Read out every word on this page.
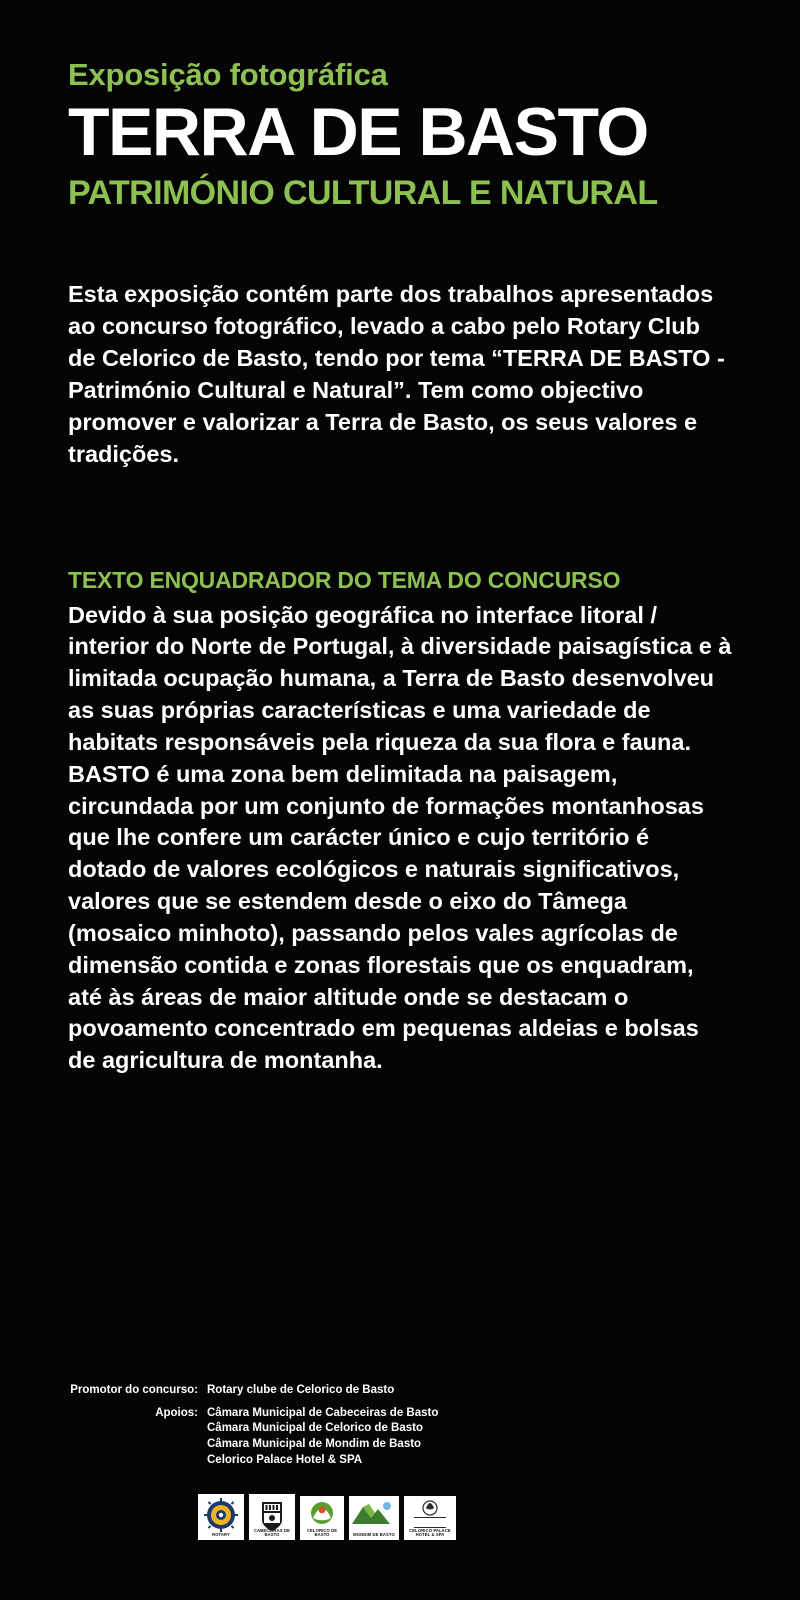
Exposição fotográfica
TERRA DE BASTO
PATRIMÓNIO CULTURAL E NATURAL
Esta exposição contém parte dos trabalhos apresentados ao concurso fotográfico, levado a cabo pelo Rotary Club de Celorico de Basto, tendo por tema “TERRA DE BASTO - Património Cultural e Natural”. Tem como objectivo promover e valorizar a Terra de Basto, os seus valores e tradições.
TEXTO ENQUADRADOR DO TEMA DO CONCURSO
Devido à sua posição geográfica no interface litoral / interior do Norte de Portugal, à diversidade paisagística e à limitada ocupação humana, a Terra de Basto desenvolveu as suas próprias características e uma variedade de habitats responsáveis pela riqueza da sua flora e fauna. BASTO é uma zona bem delimitada na paisagem, circundada por um conjunto de formações montanhosas que lhe confere um carácter único e cujo território é dotado de valores ecológicos e naturais significativos, valores que se estendem desde o eixo do Tâmega (mosaico minhoto), passando pelos vales agrícolas de dimensão contida e zonas florestais que os enquadram, até às áreas de maior altitude onde se destacam o povoamento concentrado em pequenas aldeias e bolsas de agricultura de montanha.
Promotor do concurso: Rotary clube de Celorico de Basto
Apoios: Câmara Municipal de Cabeceiras de Basto
Câmara Municipal de Celorico de Basto
Câmara Municipal de Mondim de Basto
Celorico Palace Hotel & SPA
ROTARY
CABECEIRAS DE BASTO
CELORICO DE BASTO	MONDIM DE BASTO
CELORICO PALACE HOTEL & SPA
